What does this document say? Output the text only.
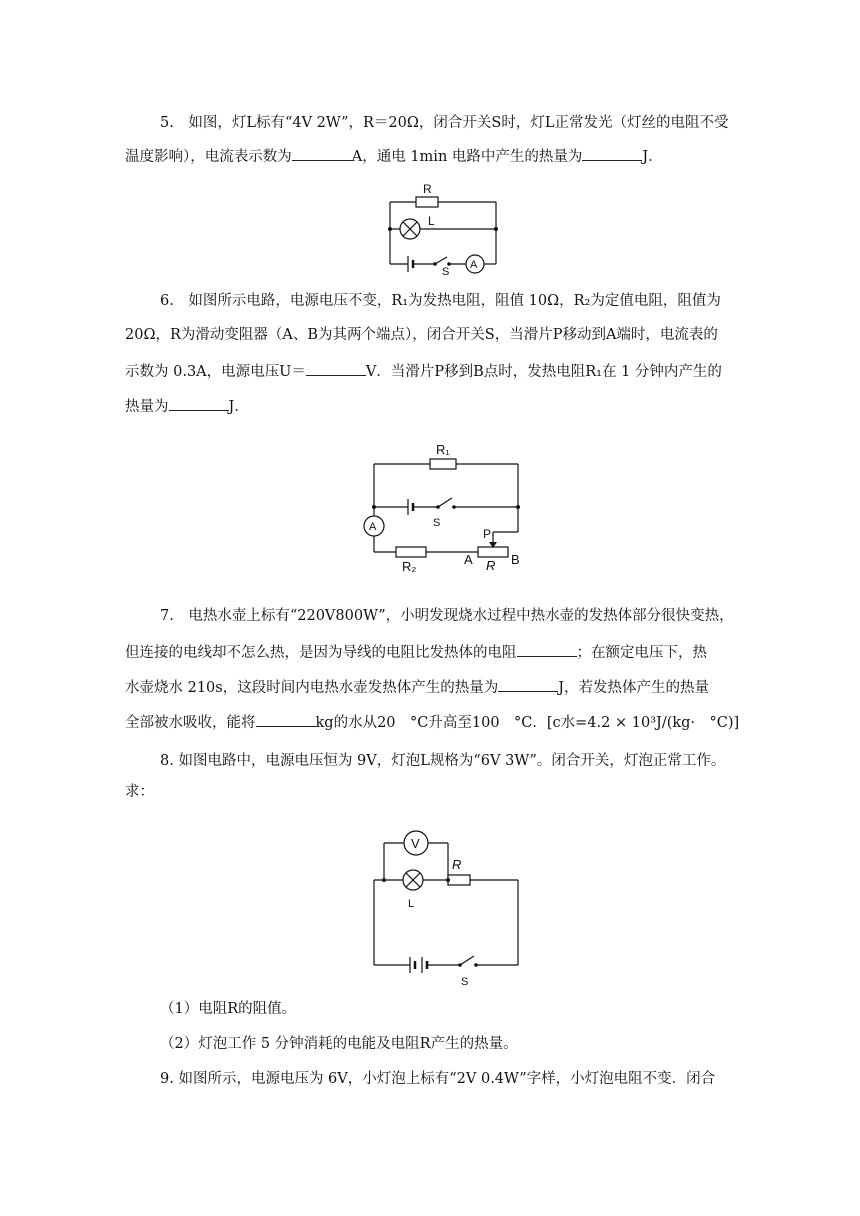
5.　如图，灯L标有“4V 2W”，R＝20Ω，闭合开关S时，灯L正常发光（灯丝的电阻不受
温度影响），电流表示数为	A，通电 1min 电路中产生的热量为	J．
R
L
S
A
6.　如图所示电路，电源电压不变，R₁为发热电阻，阻值 10Ω，R₂为定值电阻，阻值为
20Ω，R为滑动变阻器（A、B为其两个端点），闭合开关S，当滑片P移动到A端时，电流表的
示数为 0.3A，电源电压U＝	V．当滑片P移到B点时，发热电阻R₁在 1 分钟内产生的
热量为	J．
R₁
S
A	P
R₂	A R B
7.　电热水壶上标有“220V800W”，小明发现烧水过程中热水壶的发热体部分很快变热，
但连接的电线却不怎么热，是因为导线的电阻比发热体的电阻	；在额定电压下，热
水壶烧水 210s，这段时间内电热水壶发热体产生的热量为	J，若发热体产生的热量
全部被水吸收，能将	kg的水从20　°C升高至100　°C．[c水=4.2 × 10³J/(kg·　°C)]
8. 如图电路中，电源电压恒为 9V，灯泡L规格为“6V 3W”。闭合开关，灯泡正常工作。
求：
V
R
L
S
（1）电阻R的阻值。
（2）灯泡工作 5 分钟消耗的电能及电阻R产生的热量。
9. 如图所示，电源电压为 6V，小灯泡上标有“2V 0.4W”字样，小灯泡电阻不变．闭合
